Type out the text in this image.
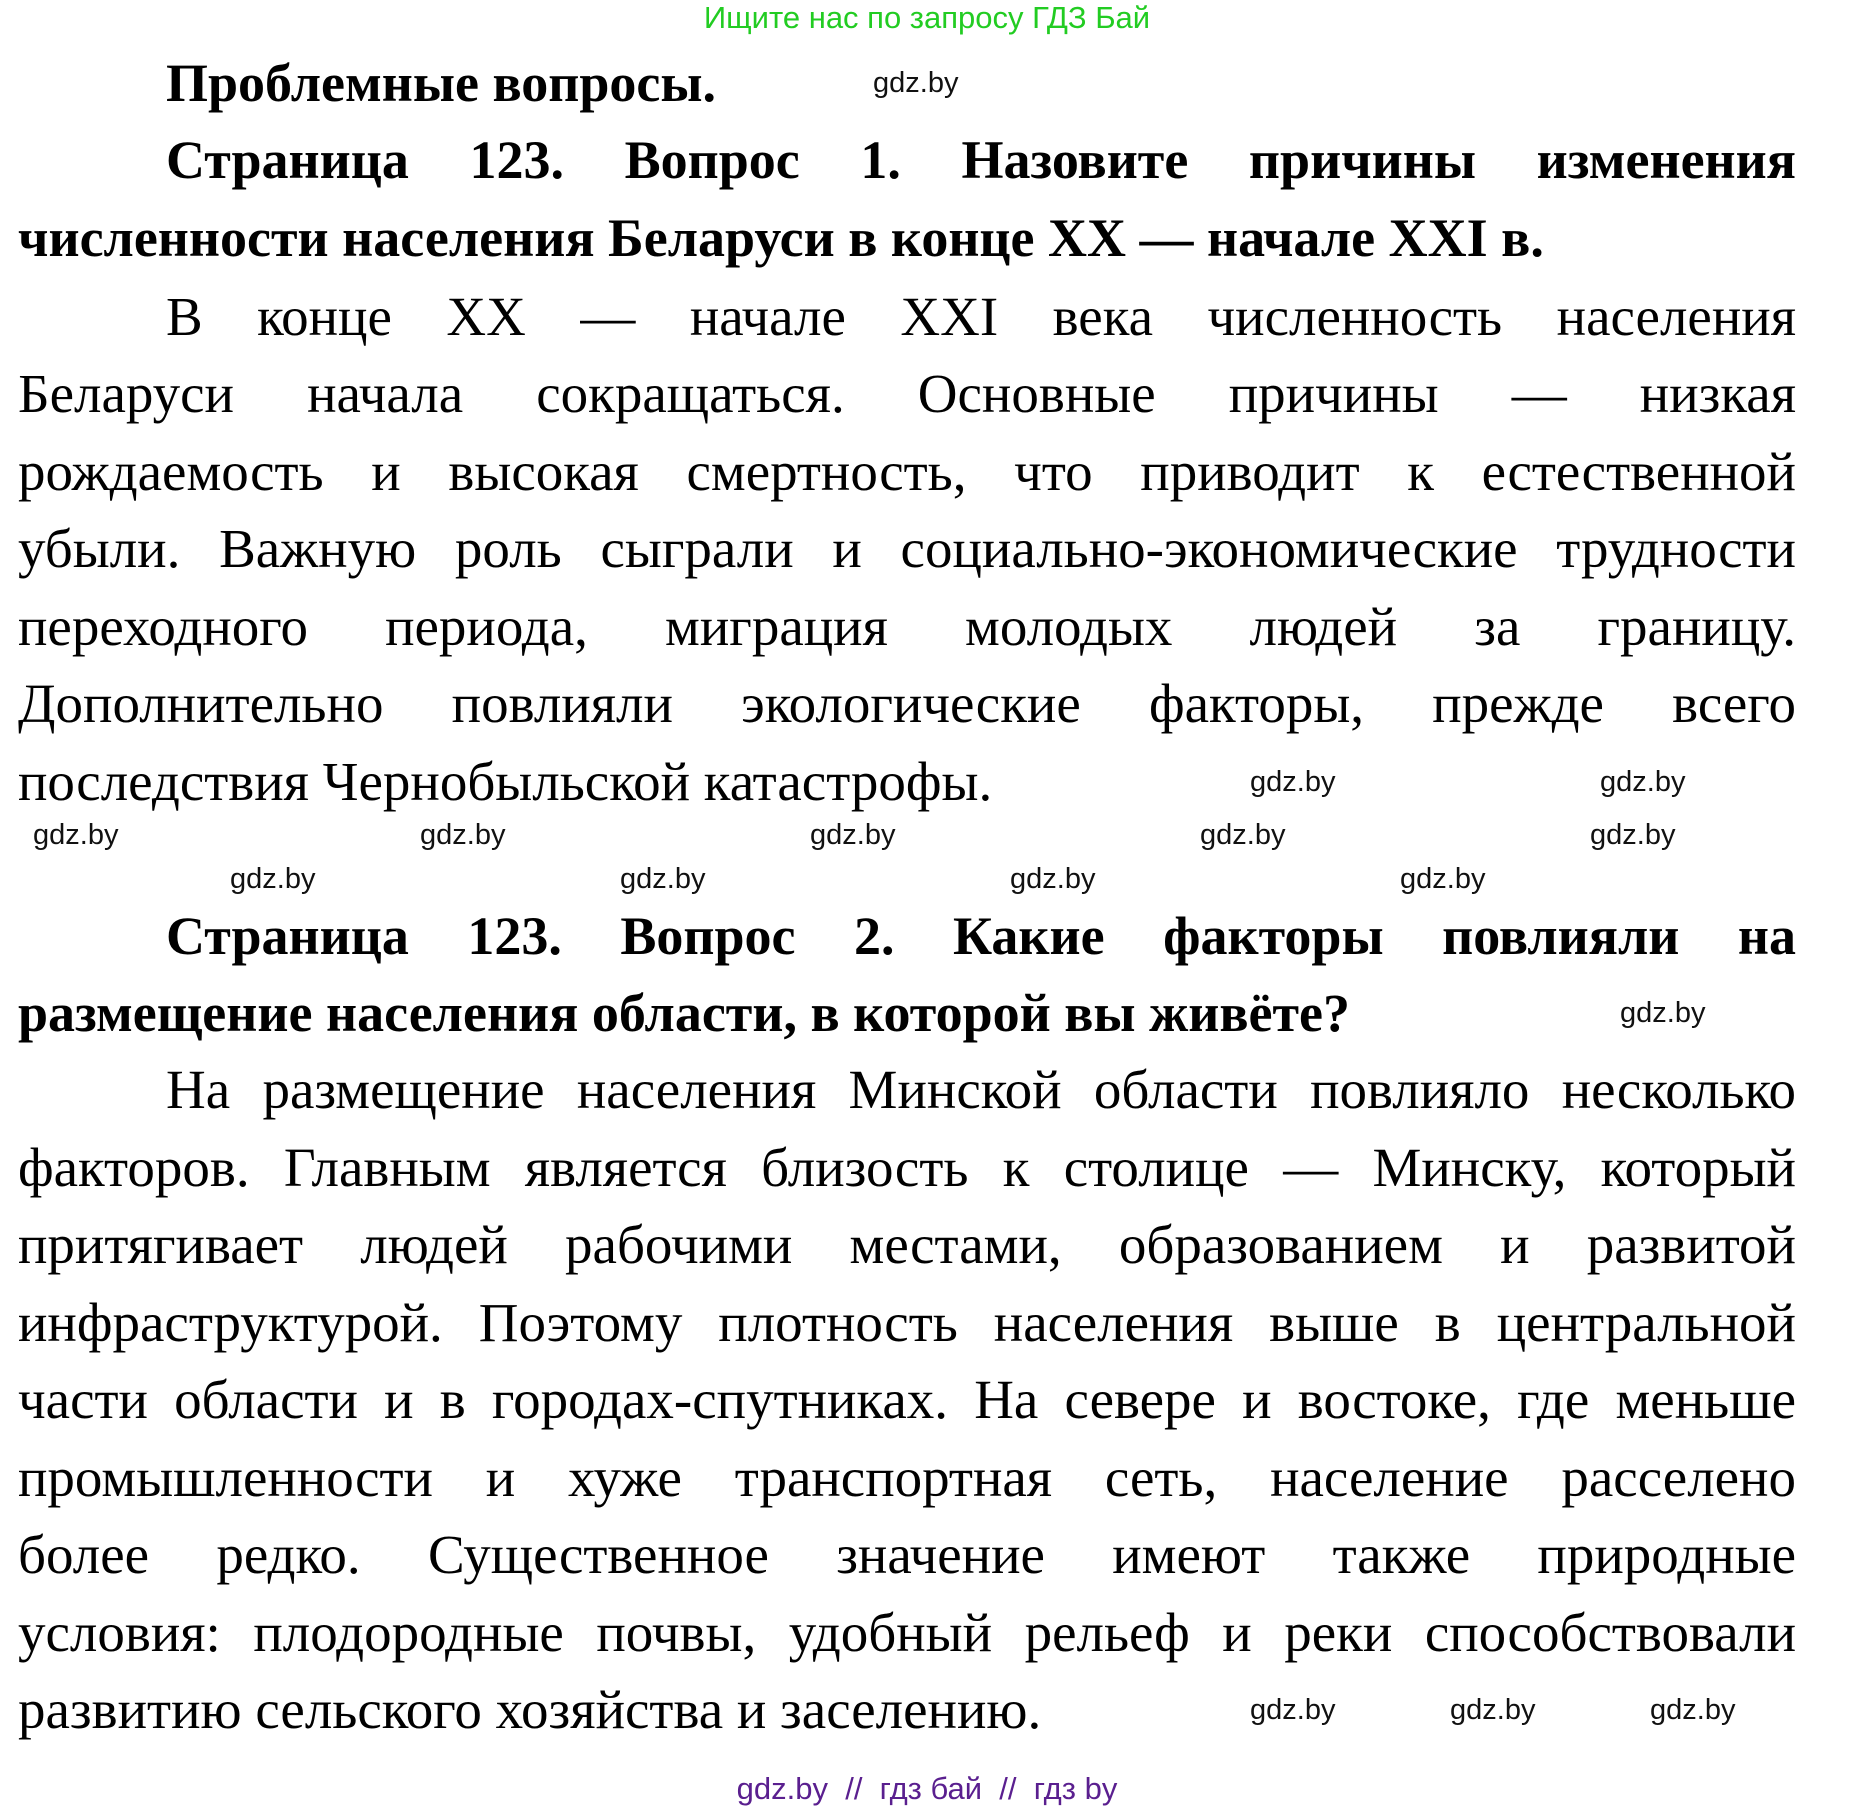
Ищите нас по запросу ГДЗ Бай
Проблемные вопросы.
Страница 123. Вопрос 1. Назовите причины изменения
численности населения Беларуси в конце XX — начале XXI в.
В конце XX — начале XXI века численность населения
Беларуси начала сокращаться. Основные причины — низкая
рождаемость и высокая смертность, что приводит к естественной
убыли. Важную роль сыграли и социально-экономические трудности
переходного периода, миграция молодых людей за границу.
Дополнительно повлияли экологические факторы, прежде всего
последствия Чернобыльской катастрофы.
Страница 123. Вопрос 2. Какие факторы повлияли на
размещение населения области, в которой вы живёте?
На размещение населения Минской области повлияло несколько
факторов. Главным является близость к столице — Минску, который
притягивает людей рабочими местами, образованием и развитой
инфраструктурой. Поэтому плотность населения выше в центральной
части области и в городах-спутниках. На севере и востоке, где меньше
промышленности и хуже транспортная сеть, население расселено
более редко. Существенное значение имеют также природные
условия: плодородные почвы, удобный рельеф и реки способствовали
развитию сельского хозяйства и заселению.
gdz.by
gdz.by	gdz.by
gdz.by	gdz.by	gdz.by	gdz.by	gdz.by
gdz.by	gdz.by	gdz.by	gdz.by
gdz.by
gdz.by	gdz.by	gdz.by
gdz.by  //  гдз бай  //  гдз by
